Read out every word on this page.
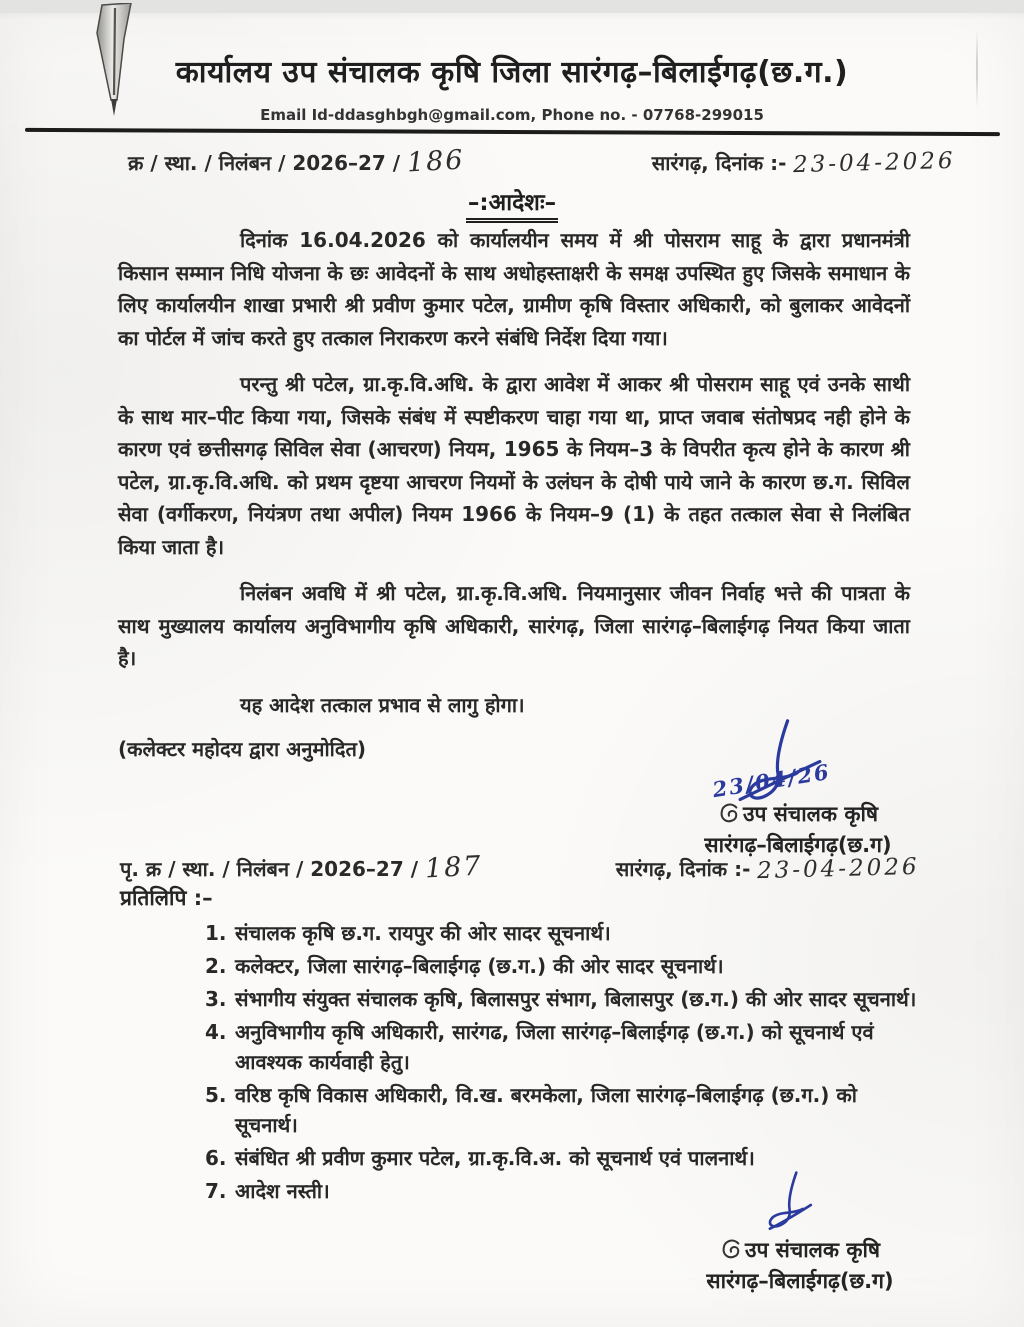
कार्यालय उप संचालक कृषि जिला सारंगढ़–बिलाईगढ़(छ.ग.)
Email Id-ddasghbgh@gmail.com, Phone no. - 07768-299015
क्र / स्था. / निलंबन / 2026–27 / 186	सारंगढ़, दिनांक :- 23-04-2026
–:आदेशः–

दिनांक 16.04.2026 को कार्यालयीन समय में श्री पोसराम साहू के द्वारा प्रधानमंत्री किसान सम्मान निधि योजना के छः आवेदनों के साथ अधोहस्ताक्षरी के समक्ष उपस्थित हुए जिसके समाधान के लिए कार्यालयीन शाखा प्रभारी श्री प्रवीण कुमार पटेल, ग्रामीण कृषि विस्तार अधिकारी, को बुलाकर आवेदनों का पोर्टल में जांच करते हुए तत्काल निराकरण करने संबंधि निर्देश दिया गया।

परन्तु श्री पटेल, ग्रा.कृ.वि.अधि. के द्वारा आवेश में आकर श्री पोसराम साहू एवं उनके साथी के साथ मार–पीट किया गया, जिसके संबंध में स्पष्टीकरण चाहा गया था, प्राप्त जवाब संतोषप्रद नही होने के कारण एवं छत्तीसगढ़ सिविल सेवा (आचरण) नियम, 1965 के नियम–3 के विपरीत कृत्य होने के कारण श्री पटेल, ग्रा.कृ.वि.अधि. को प्रथम दृष्टया आचरण नियमों के उलंघन के दोषी पाये जाने के कारण छ.ग. सिविल सेवा (वर्गीकरण, नियंत्रण तथा अपील) नियम 1966 के नियम–9 (1) के तहत तत्काल सेवा से निलंबित किया जाता है।

निलंबन अवधि में श्री पटेल, ग्रा.कृ.वि.अधि. नियमानुसार जीवन निर्वाह भत्ते की पात्रता के साथ मुख्यालय कार्यालय अनुविभागीय कृषि अधिकारी, सारंगढ़, जिला सारंगढ़–बिलाईगढ़ नियत किया जाता है।

यह आदेश तत्काल प्रभाव से लागु होगा।

(कलेक्टर महोदय द्वारा अनुमोदित)

23/04/26
उप संचालक कृषि
सारंगढ़–बिलाईगढ़(छ.ग)
पृ. क्र / स्था. / निलंबन / 2026–27 / 187	सारंगढ़, दिनांक :- 23-04-2026
प्रतिलिपि :–
1. संचालक कृषि छ.ग. रायपुर की ओर सादर सूचनार्थ।
2. कलेक्टर, जिला सारंगढ़–बिलाईगढ़ (छ.ग.) की ओर सादर सूचनार्थ।
3. संभागीय संयुक्त संचालक कृषि, बिलासपुर संभाग, बिलासपुर (छ.ग.) की ओर सादर सूचनार्थ।
4. अनुविभागीय कृषि अधिकारी, सारंगढ, जिला सारंगढ़–बिलाईगढ़ (छ.ग.) को सूचनार्थ एवं आवश्यक कार्यवाही हेतु।
5. वरिष्ठ कृषि विकास अधिकारी, वि.ख. बरमकेला, जिला सारंगढ़–बिलाईगढ़ (छ.ग.) को सूचनार्थ।
6. संबंधित श्री प्रवीण कुमार पटेल, ग्रा.कृ.वि.अ. को सूचनार्थ एवं पालनार्थ।
7. आदेश नस्ती।
उप संचालक कृषि
सारंगढ़–बिलाईगढ़(छ.ग)
